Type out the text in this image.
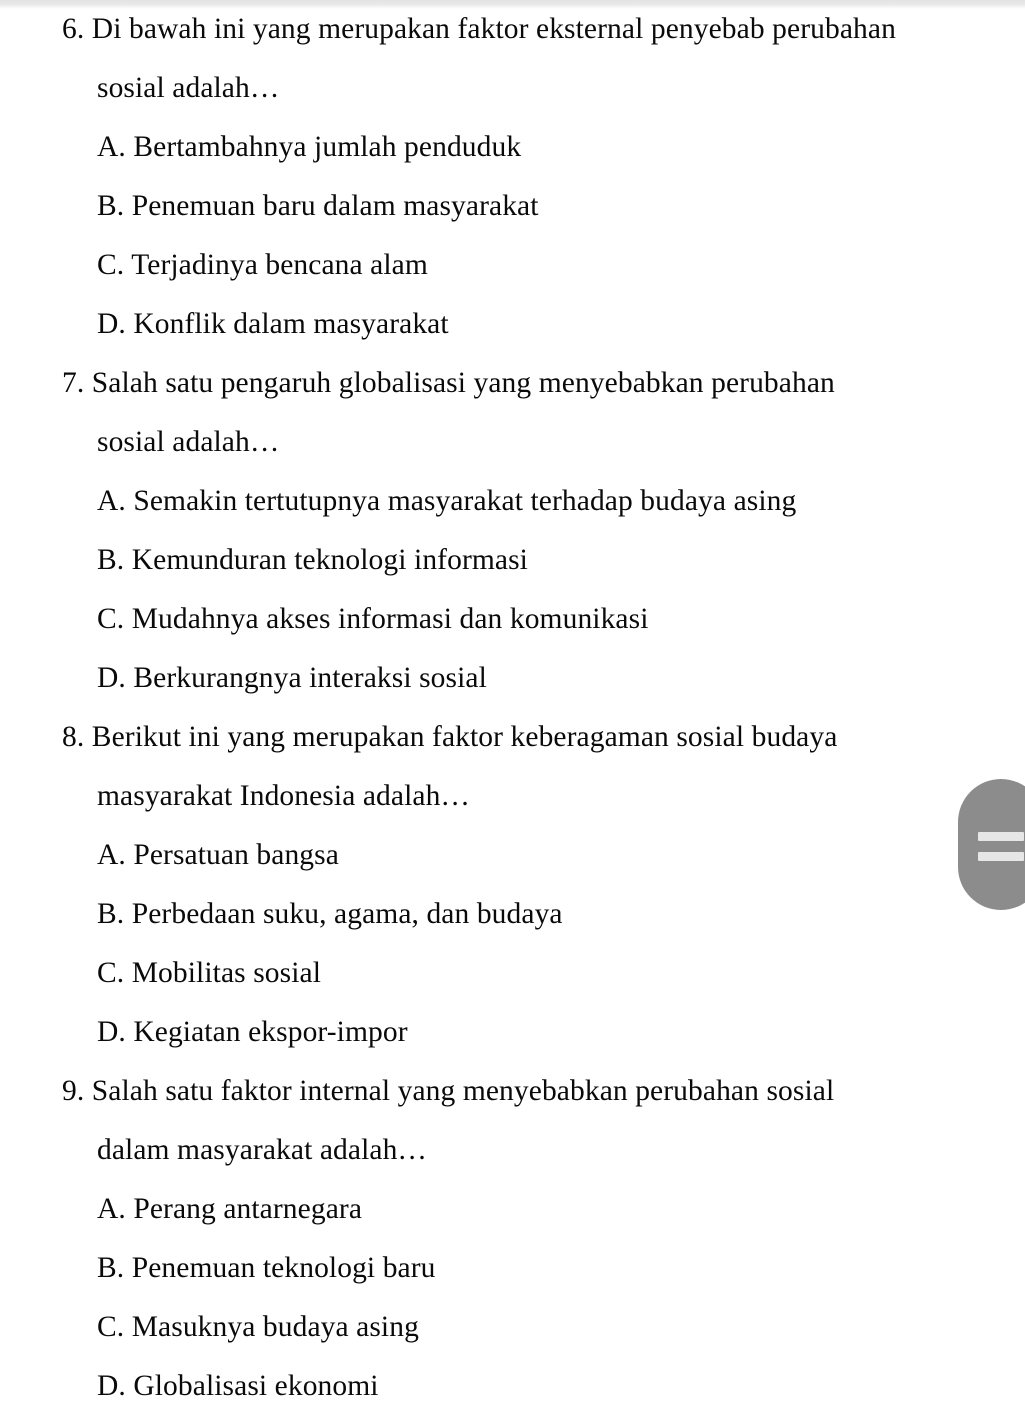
6. Di bawah ini yang merupakan faktor eksternal penyebab perubahan
sosial adalah…
A. Bertambahnya jumlah penduduk
B. Penemuan baru dalam masyarakat
C. Terjadinya bencana alam
D. Konflik dalam masyarakat
7. Salah satu pengaruh globalisasi yang menyebabkan perubahan
sosial adalah…
A. Semakin tertutupnya masyarakat terhadap budaya asing
B. Kemunduran teknologi informasi
C. Mudahnya akses informasi dan komunikasi
D. Berkurangnya interaksi sosial
8. Berikut ini yang merupakan faktor keberagaman sosial budaya
masyarakat Indonesia adalah…
A. Persatuan bangsa
B. Perbedaan suku, agama, dan budaya
C. Mobilitas sosial
D. Kegiatan ekspor-impor
9. Salah satu faktor internal yang menyebabkan perubahan sosial
dalam masyarakat adalah…
A. Perang antarnegara
B. Penemuan teknologi baru
C. Masuknya budaya asing
D. Globalisasi ekonomi
